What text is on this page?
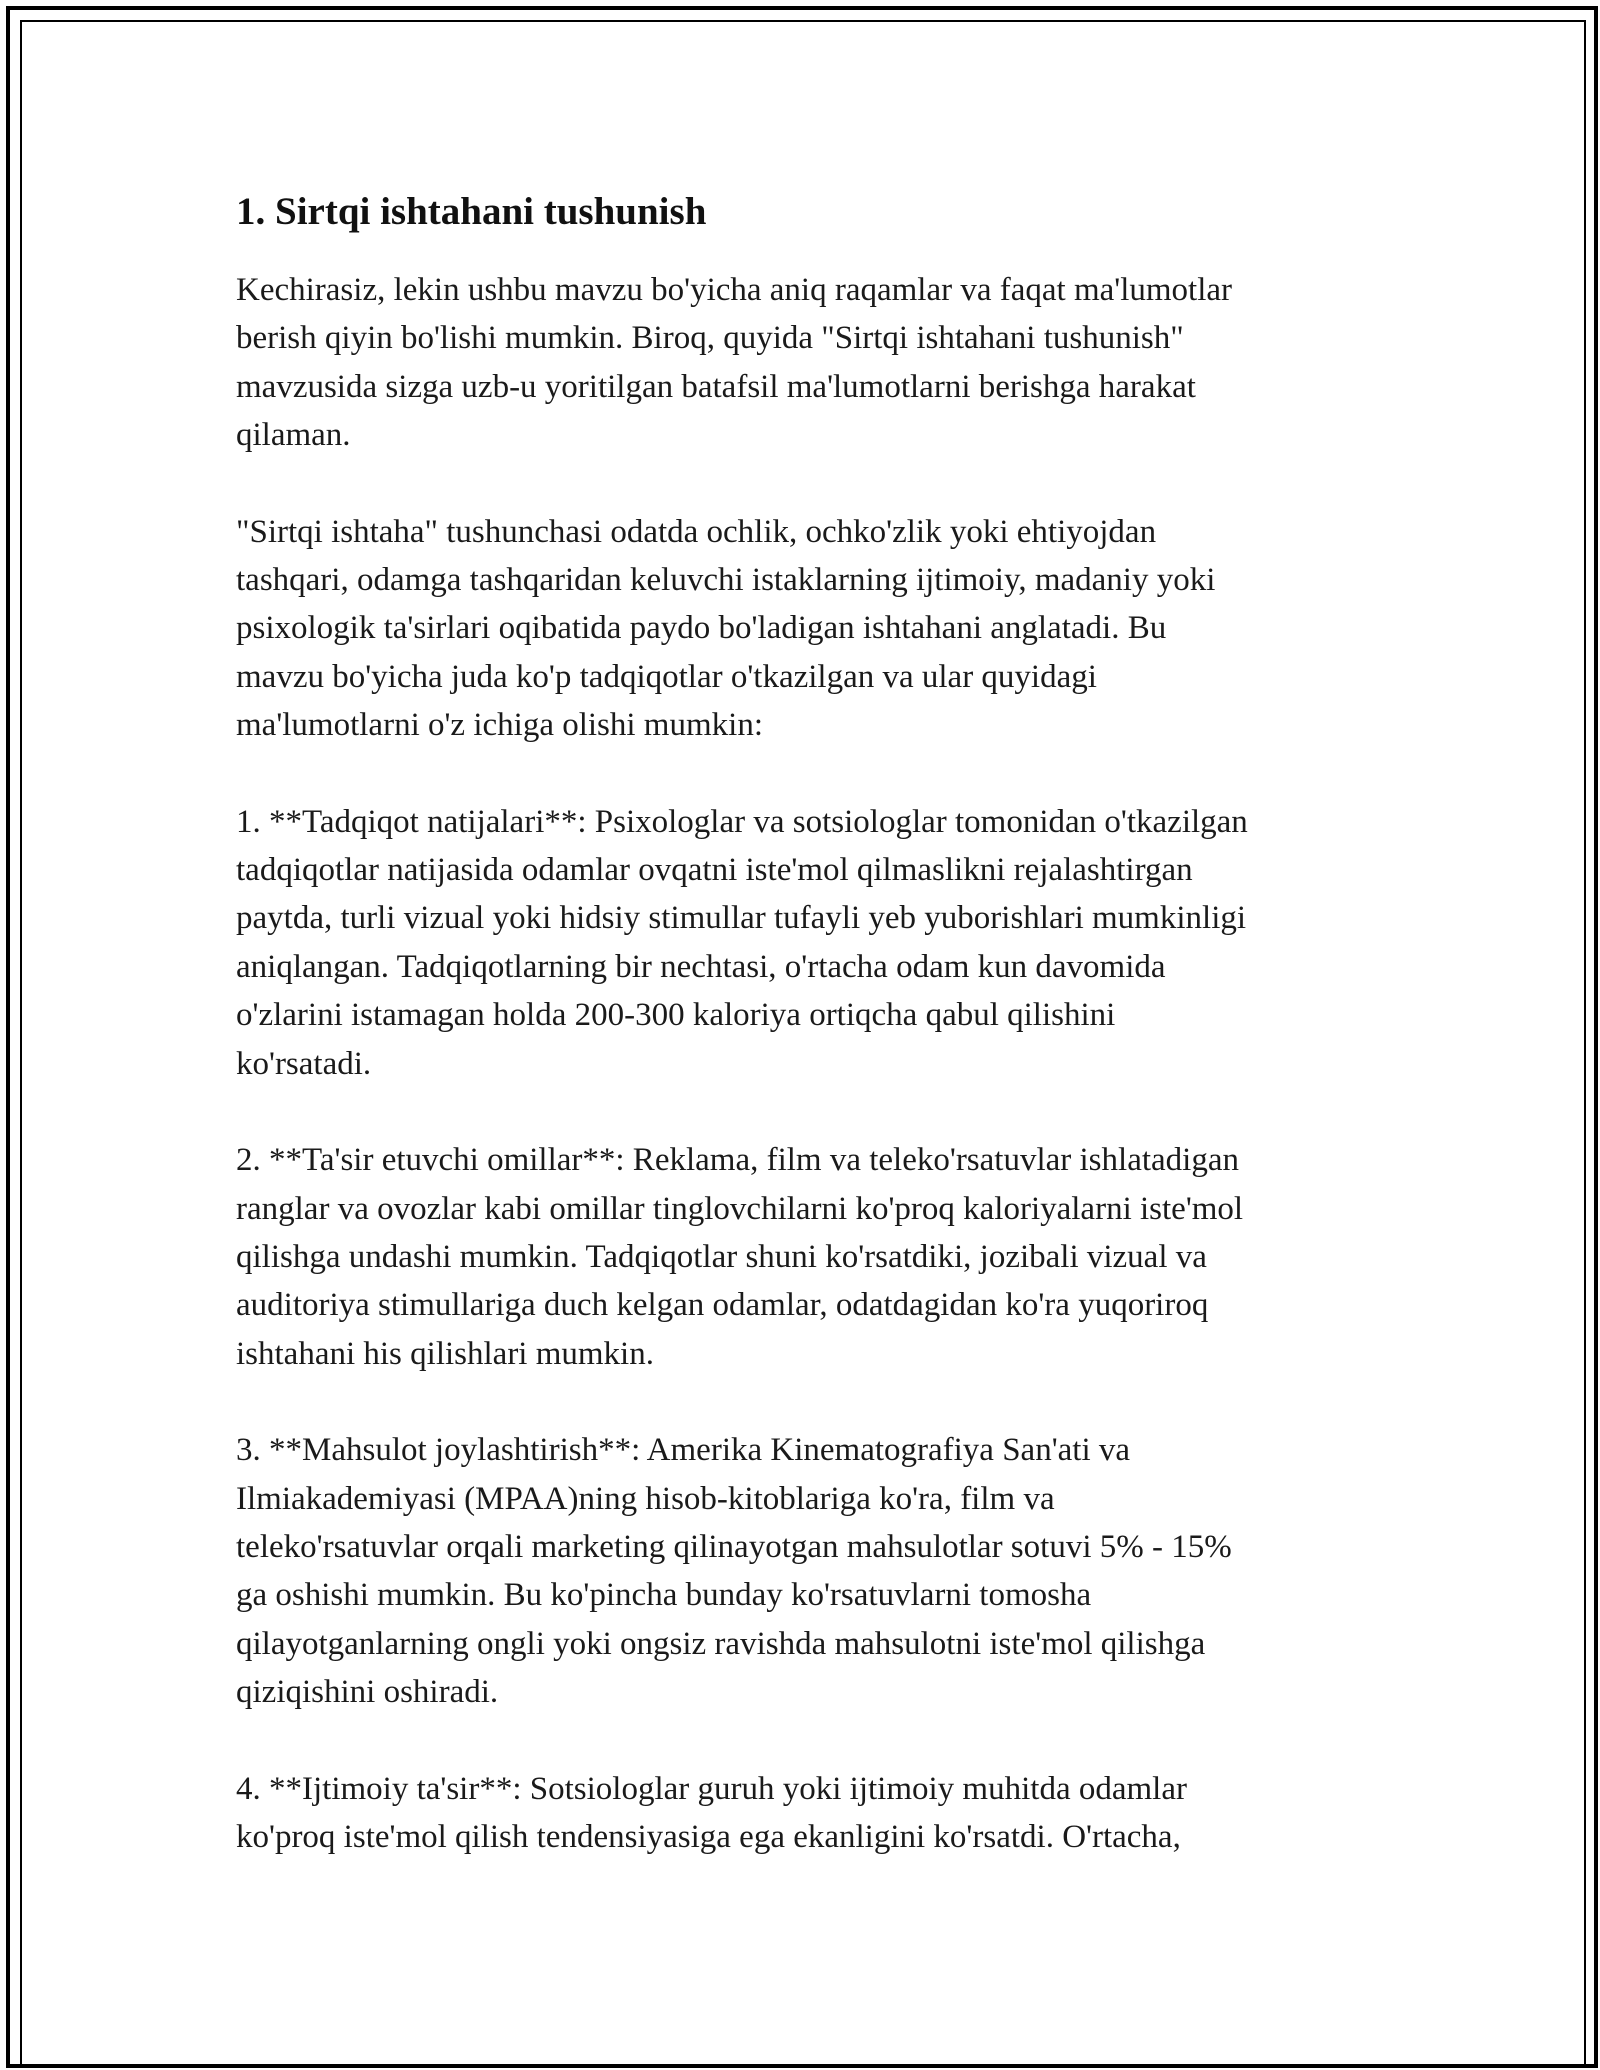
1. Sirtqi ishtahani tushunish

Kechirasiz, lekin ushbu mavzu bo'yicha aniq raqamlar va faqat ma'lumotlar
berish qiyin bo'lishi mumkin. Biroq, quyida "Sirtqi ishtahani tushunish"
mavzusida sizga uzb-u yoritilgan batafsil ma'lumotlarni berishga harakat
qilaman.

"Sirtqi ishtaha" tushunchasi odatda ochlik, ochko'zlik yoki ehtiyojdan
tashqari, odamga tashqaridan keluvchi istaklarning ijtimoiy, madaniy yoki
psixologik ta'sirlari oqibatida paydo bo'ladigan ishtahani anglatadi. Bu
mavzu bo'yicha juda ko'p tadqiqotlar o'tkazilgan va ular quyidagi
ma'lumotlarni o'z ichiga olishi mumkin:

1. **Tadqiqot natijalari**: Psixologlar va sotsiologlar tomonidan o'tkazilgan
tadqiqotlar natijasida odamlar ovqatni iste'mol qilmaslikni rejalashtirgan
paytda, turli vizual yoki hidsiy stimullar tufayli yeb yuborishlari mumkinligi
aniqlangan. Tadqiqotlarning bir nechtasi, o'rtacha odam kun davomida
o'zlarini istamagan holda 200-300 kaloriya ortiqcha qabul qilishini
ko'rsatadi.

2. **Ta'sir etuvchi omillar**: Reklama, film va teleko'rsatuvlar ishlatadigan
ranglar va ovozlar kabi omillar tinglovchilarni ko'proq kaloriyalarni iste'mol
qilishga undashi mumkin. Tadqiqotlar shuni ko'rsatdiki, jozibali vizual va
auditoriya stimullariga duch kelgan odamlar, odatdagidan ko'ra yuqoriroq
ishtahani his qilishlari mumkin.

3. **Mahsulot joylashtirish**: Amerika Kinematografiya San'ati va
Ilmiakademiyasi (MPAA)ning hisob-kitoblariga ko'ra, film va
teleko'rsatuvlar orqali marketing qilinayotgan mahsulotlar sotuvi 5% - 15%
ga oshishi mumkin. Bu ko'pincha bunday ko'rsatuvlarni tomosha
qilayotganlarning ongli yoki ongsiz ravishda mahsulotni iste'mol qilishga
qiziqishini oshiradi.

4. **Ijtimoiy ta'sir**: Sotsiologlar guruh yoki ijtimoiy muhitda odamlar
ko'proq iste'mol qilish tendensiyasiga ega ekanligini ko'rsatdi. O'rtacha,
